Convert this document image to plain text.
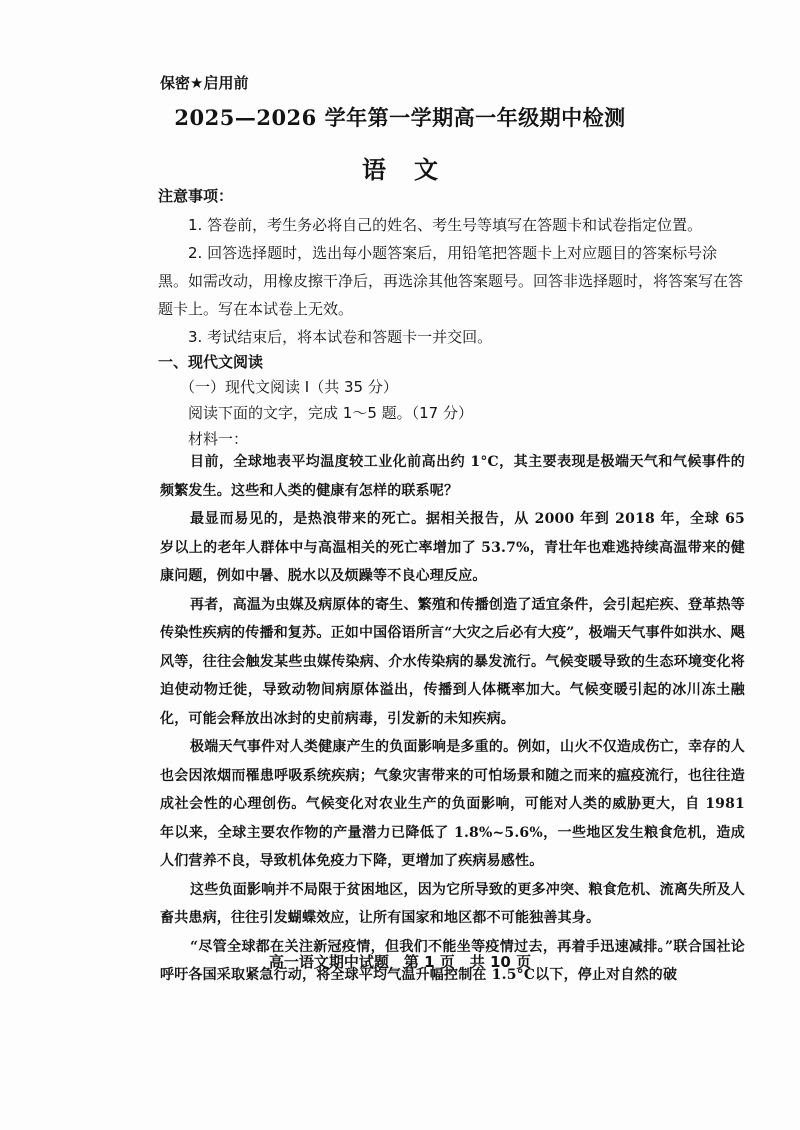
保密★启用前
2025—2026 学年第一学期高一年级期中检测
语文
注意事项：
1. 答卷前，考生务必将自己的姓名、考生号等填写在答题卡和试卷指定位置。
2. 回答选择题时，选出每小题答案后，用铅笔把答题卡上对应题目的答案标号涂黑。如需改动，用橡皮擦干净后，再选涂其他答案题号。回答非选择题时，将答案写在答题卡上。写在本试卷上无效。
3. 考试结束后，将本试卷和答题卡一并交回。
一、现代文阅读
（一）现代文阅读 I（共 35 分）
阅读下面的文字，完成 1～5 题。（17 分）
材料一：

目前，全球地表平均温度较工业化前高出约 1°C，其主要表现是极端天气和气候事件的频繁发生。这些和人类的健康有怎样的联系呢？

最显而易见的，是热浪带来的死亡。据相关报告，从 2000 年到 2018 年，全球 65 岁以上的老年人群体中与高温相关的死亡率增加了 53.7%，青壮年也难逃持续高温带来的健康问题，例如中暑、脱水以及烦躁等不良心理反应。

再者，高温为虫媒及病原体的寄生、繁殖和传播创造了适宜条件，会引起疟疾、登革热等传染性疾病的传播和复苏。正如中国俗语所言“大灾之后必有大疫”，极端天气事件如洪水、飓风等，往往会触发某些虫媒传染病、介水传染病的暴发流行。气候变暖导致的生态环境变化将迫使动物迁徙，导致动物间病原体溢出，传播到人体概率加大。气候变暖引起的冰川冻土融化，可能会释放出冰封的史前病毒，引发新的未知疾病。

极端天气事件对人类健康产生的负面影响是多重的。例如，山火不仅造成伤亡，幸存的人也会因浓烟而罹患呼吸系统疾病；气象灾害带来的可怕场景和随之而来的瘟疫流行，也往往造成社会性的心理创伤。气候变化对农业生产的负面影响，可能对人类的威胁更大，自 1981 年以来，全球主要农作物的产量潜力已降低了 1.8%~5.6%，一些地区发生粮食危机，造成人们营养不良，导致机体免疫力下降，更增加了疾病易感性。

这些负面影响并不局限于贫困地区，因为它所导致的更多冲突、粮食危机、流离失所及人畜共患病，往往引发蝴蝶效应，让所有国家和地区都不可能独善其身。

“尽管全球都在关注新冠疫情，但我们不能坐等疫情过去，再着手迅速减排。”联合国社论呼吁各国采取紧急行动，将全球平均气温升幅控制在 1.5°C以下，停止对自然的破

高一语文期中试题　第 1 页　共 10 页
